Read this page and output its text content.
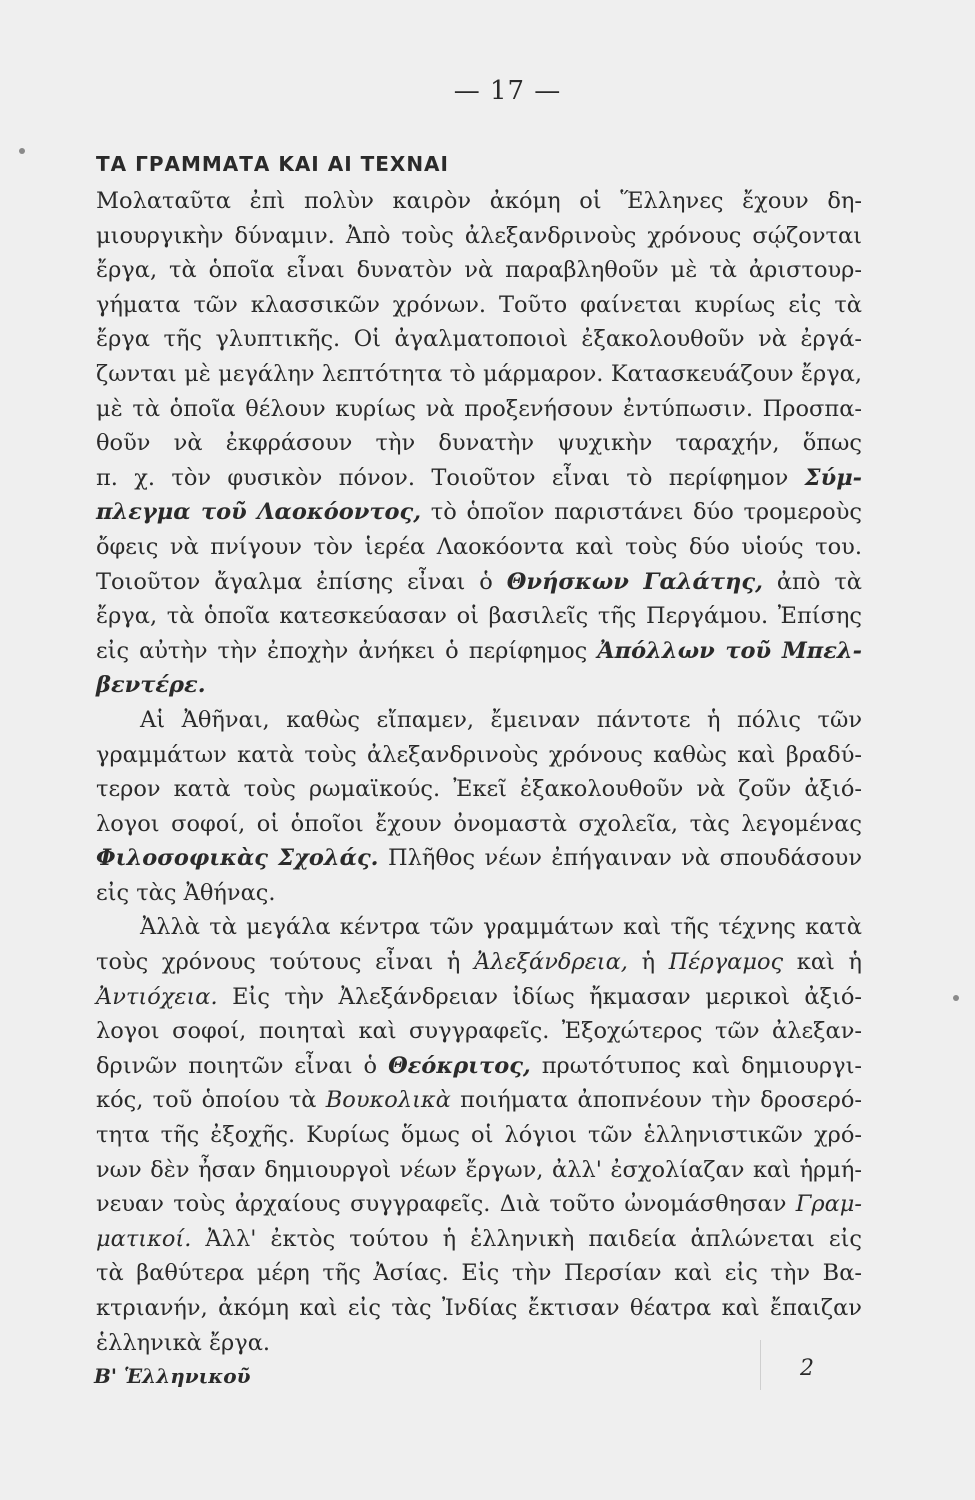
— 17 —
ΤΑ ΓΡΑΜΜΑΤΑ ΚΑΙ ΑΙ ΤΕΧΝΑΙ
Μολαταῦτα ἐπὶ πολὺν καιρὸν ἀκόμη οἱ Ἕλληνες ἔχουν δη-
μιουργικὴν δύναμιν. Ἀπὸ τοὺς ἀλεξανδρινοὺς χρόνους σῴζονται
ἔργα, τὰ ὁποῖα εἶναι δυνατὸν νὰ παραβληθοῦν μὲ τὰ ἀριστουρ-
γήματα τῶν κλασσικῶν χρόνων. Τοῦτο φαίνεται κυρίως εἰς τὰ
ἔργα τῆς γλυπτικῆς. Οἱ ἀγαλματοποιοὶ ἐξακολουθοῦν νὰ ἐργά-
ζωνται μὲ μεγάλην λεπτότητα τὸ μάρμαρον. Κατασκευάζουν ἔργα,
μὲ τὰ ὁποῖα θέλουν κυρίως νὰ προξενήσουν ἐντύπωσιν. Προσπα-
θοῦν νὰ ἐκφράσουν τὴν δυνατὴν ψυχικὴν ταραχήν, ὅπως
π. χ. τὸν φυσικὸν πόνον. Τοιοῦτον εἶναι τὸ περίφημον Σύμ-
πλεγμα τοῦ Λαοκόοντος, τὸ ὁποῖον παριστάνει δύο τρομεροὺς
ὄφεις νὰ πνίγουν τὸν ἱερέα Λαοκόοντα καὶ τοὺς δύο υἱούς του.
Τοιοῦτον ἄγαλμα ἐπίσης εἶναι ὁ Θνήσκων Γαλάτης, ἀπὸ τὰ
ἔργα, τὰ ὁποῖα κατεσκεύασαν οἱ βασιλεῖς τῆς Περγάμου. Ἐπίσης
εἰς αὐτὴν τὴν ἐποχὴν ἀνήκει ὁ περίφημος Ἀπόλλων τοῦ Μπελ-
βεντέρε.
Αἱ Ἀθῆναι, καθὼς εἴπαμεν, ἔμειναν πάντοτε ἡ πόλις τῶν
γραμμάτων κατὰ τοὺς ἀλεξανδρινοὺς χρόνους καθὼς καὶ βραδύ-
τερον κατὰ τοὺς ρωμαϊκούς. Ἐκεῖ ἐξακολουθοῦν νὰ ζοῦν ἀξιό-
λογοι σοφοί, οἱ ὁποῖοι ἔχουν ὀνομαστὰ σχολεῖα, τὰς λεγομένας
Φιλοσοφικὰς Σχολάς. Πλῆθος νέων ἐπήγαιναν νὰ σπουδάσουν
εἰς τὰς Ἀθήνας.
Ἀλλὰ τὰ μεγάλα κέντρα τῶν γραμμάτων καὶ τῆς τέχνης κατὰ
τοὺς χρόνους τούτους εἶναι ἡ Ἀλεξάνδρεια, ἡ Πέργαμος καὶ ἡ
Ἀντιόχεια. Εἰς τὴν Ἀλεξάνδρειαν ἰδίως ἤκμασαν μερικοὶ ἀξιό-
λογοι σοφοί, ποιηταὶ καὶ συγγραφεῖς. Ἐξοχώτερος τῶν ἀλεξαν-
δρινῶν ποιητῶν εἶναι ὁ Θεόκριτος, πρωτότυπος καὶ δημιουργι-
κός, τοῦ ὁποίου τὰ Βουκολικὰ ποιήματα ἀποπνέουν τὴν δροσερό-
τητα τῆς ἐξοχῆς. Κυρίως ὅμως οἱ λόγιοι τῶν ἑλληνιστικῶν χρό-
νων δὲν ἦσαν δημιουργοὶ νέων ἔργων, ἀλλ' ἐσχολίαζαν καὶ ἡρμή-
νευαν τοὺς ἀρχαίους συγγραφεῖς. Διὰ τοῦτο ὠνομάσθησαν Γραμ-
ματικοί. Ἀλλ' ἐκτὸς τούτου ἡ ἑλληνικὴ παιδεία ἁπλώνεται εἰς
τὰ βαθύτερα μέρη τῆς Ἀσίας. Εἰς τὴν Περσίαν καὶ εἰς τὴν Βα-
κτριανήν, ἀκόμη καὶ εἰς τὰς Ἰνδίας ἔκτισαν θέατρα καὶ ἔπαιζαν
ἑλληνικὰ ἔργα.
Β' Ἑλληνικοῦ	2
